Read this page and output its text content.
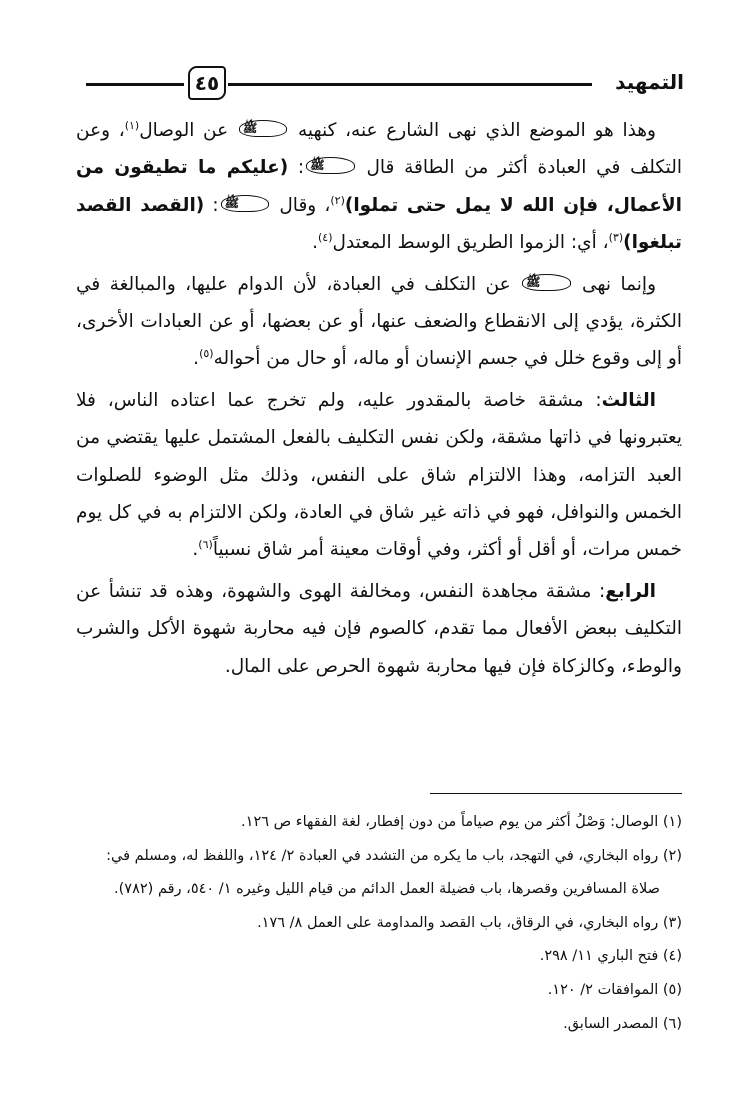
٤٥	التمهيد

وهذا هو الموضع الذي نهى الشارع عنه، كنهيه ﷺ عن الوصال$^{(١)}$، وعن التكلف في العبادة أكثر من الطاقة قال ﷺ: (عليكم ما تطيقون من الأعمال، فإن الله لا يمل حتى تملوا)$^{(٢)}$، وقال ﷺ: (القصد القصد تبلغوا)$^{(٣)}$، أي: الزموا الطريق الوسط المعتدل$^{(٤)}$.

وإنما نهى ﷺ عن التكلف في العبادة، لأن الدوام عليها، والمبالغة في الكثرة، يؤدي إلى الانقطاع والضعف عنها، أو عن بعضها، أو عن العبادات الأخرى، أو إلى وقوع خلل في جسم الإنسان أو ماله، أو حال من أحواله$^{(٥)}$.

الثالث: مشقة خاصة بالمقدور عليه، ولم تخرج عما اعتاده الناس، فلا يعتبرونها في ذاتها مشقة، ولكن نفس التكليف بالفعل المشتمل عليها يقتضي من العبد التزامه، وهذا الالتزام شاق على النفس، وذلك مثل الوضوء للصلوات الخمس والنوافل، فهو في ذاته غير شاق في العادة، ولكن الالتزام به في كل يوم خمس مرات، أو أقل أو أكثر، وفي أوقات معينة أمر شاق نسبياً$^{(٦)}$.

الرابع: مشقة مجاهدة النفس، ومخالفة الهوى والشهوة، وهذه قد تنشأ عن التكليف ببعض الأفعال مما تقدم، كالصوم فإن فيه محاربة شهوة الأكل والشرب والوطء، وكالزكاة فإن فيها محاربة شهوة الحرص على المال.

(١) الوصال: وَصْلُ أكثر من يوم صياماً من دون إفطار، لغة الفقهاء ص ١٢٦.

(٢) رواه البخاري، في التهجد، باب ما يكره من التشدد في العبادة ٢/ ١٢٤، واللفظ له، ومسلم في:

صلاة المسافرين وقصرها، باب فضيلة العمل الدائم من قيام الليل وغيره ١/ ٥٤٠، رقم (٧٨٢).

(٣) رواه البخاري، في الرقاق، باب القصد والمداومة على العمل ٨/ ١٧٦.

(٤) فتح الباري ١١/ ٢٩٨.

(٥) الموافقات ٢/ ١٢٠.

(٦) المصدر السابق.
